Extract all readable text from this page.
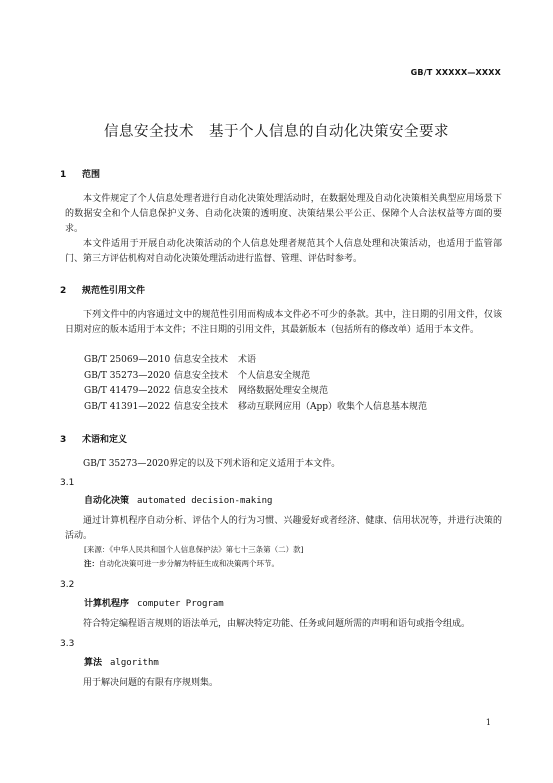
GB/T XXXXX—XXXX
信息安全技术　基于个人信息的自动化决策安全要求
1 范围
本文件规定了个人信息处理者进行自动化决策处理活动时，在数据处理及自动化决策相关典型应用场景下的数据安全和个人信息保护义务、自动化决策的透明度、决策结果公平公正、保障个人合法权益等方面的要求。
本文件适用于开展自动化决策活动的个人信息处理者规范其个人信息处理和决策活动，也适用于监管部门、第三方评估机构对自动化决策处理活动进行监督、管理、评估时参考。
2 规范性引用文件
下列文件中的内容通过文中的规范性引用而构成本文件必不可少的条款。其中，注日期的引用文件，仅该日期对应的版本适用于本文件；不注日期的引用文件，其最新版本（包括所有的修改单）适用于本文件。
GB/T 25069—2010 信息安全技术 术语
GB/T 35273—2020 信息安全技术 个人信息安全规范
GB/T 41479—2022 信息安全技术 网络数据处理安全规范
GB/T 41391—2022 信息安全技术 移动互联网应用（App）收集个人信息基本规范
3 术语和定义
GB/T 35273—2020界定的以及下列术语和定义适用于本文件。
3.1
自动化决策 automated decision-making
通过计算机程序自动分析、评估个人的行为习惯、兴趣爱好或者经济、健康、信用状况等，并进行决策的活动。
[来源：《中华人民共和国个人信息保护法》第七十三条第（二）款]
注：自动化决策可进一步分解为特征生成和决策两个环节。
3.2
计算机程序 computer Program
符合特定编程语言规则的语法单元，由解决特定功能、任务或问题所需的声明和语句或指令组成。
3.3
算法 algorithm
用于解决问题的有限有序规则集。
1
